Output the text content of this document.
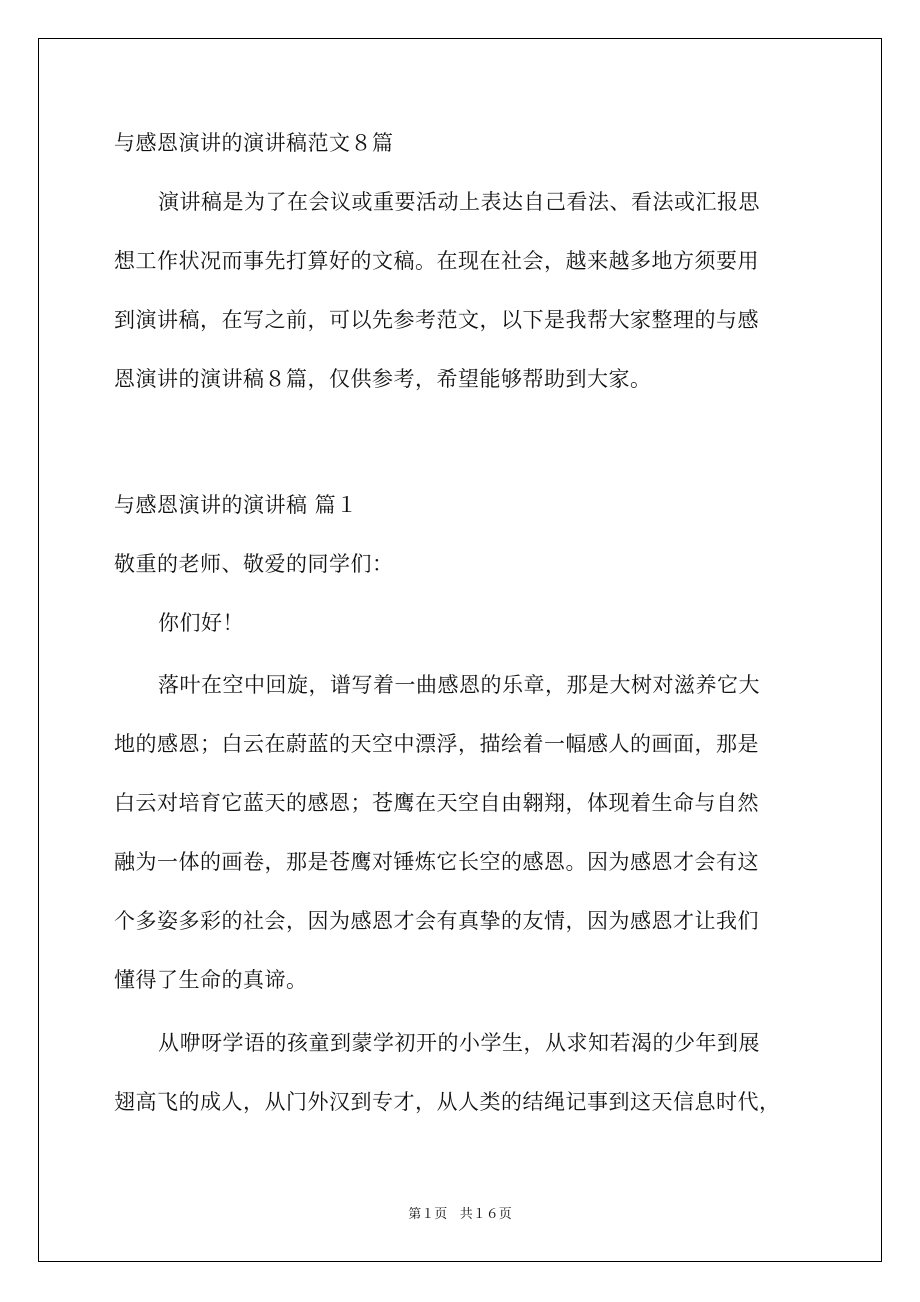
与感恩演讲的演讲稿范文８篇
演讲稿是为了在会议或重要活动上表达自己看法、看法或汇报思
想工作状况而事先打算好的文稿。在现在社会，越来越多地方须要用
到演讲稿，在写之前，可以先参考范文，以下是我帮大家整理的与感
恩演讲的演讲稿８篇，仅供参考，希望能够帮助到大家。
与感恩演讲的演讲稿 篇１
敬重的老师、敬爱的同学们：
你们好！
落叶在空中回旋，谱写着一曲感恩的乐章，那是大树对滋养它大
地的感恩；白云在蔚蓝的天空中漂浮，描绘着一幅感人的画面，那是
白云对培育它蓝天的感恩；苍鹰在天空自由翱翔，体现着生命与自然
融为一体的画卷，那是苍鹰对锤炼它长空的感恩。因为感恩才会有这
个多姿多彩的社会，因为感恩才会有真挚的友情，因为感恩才让我们
懂得了生命的真谛。
从咿呀学语的孩童到蒙学初开的小学生，从求知若渴的少年到展
翅高飞的成人，从门外汉到专才，从人类的结绳记事到这天信息时代，
第１页   共１６页
